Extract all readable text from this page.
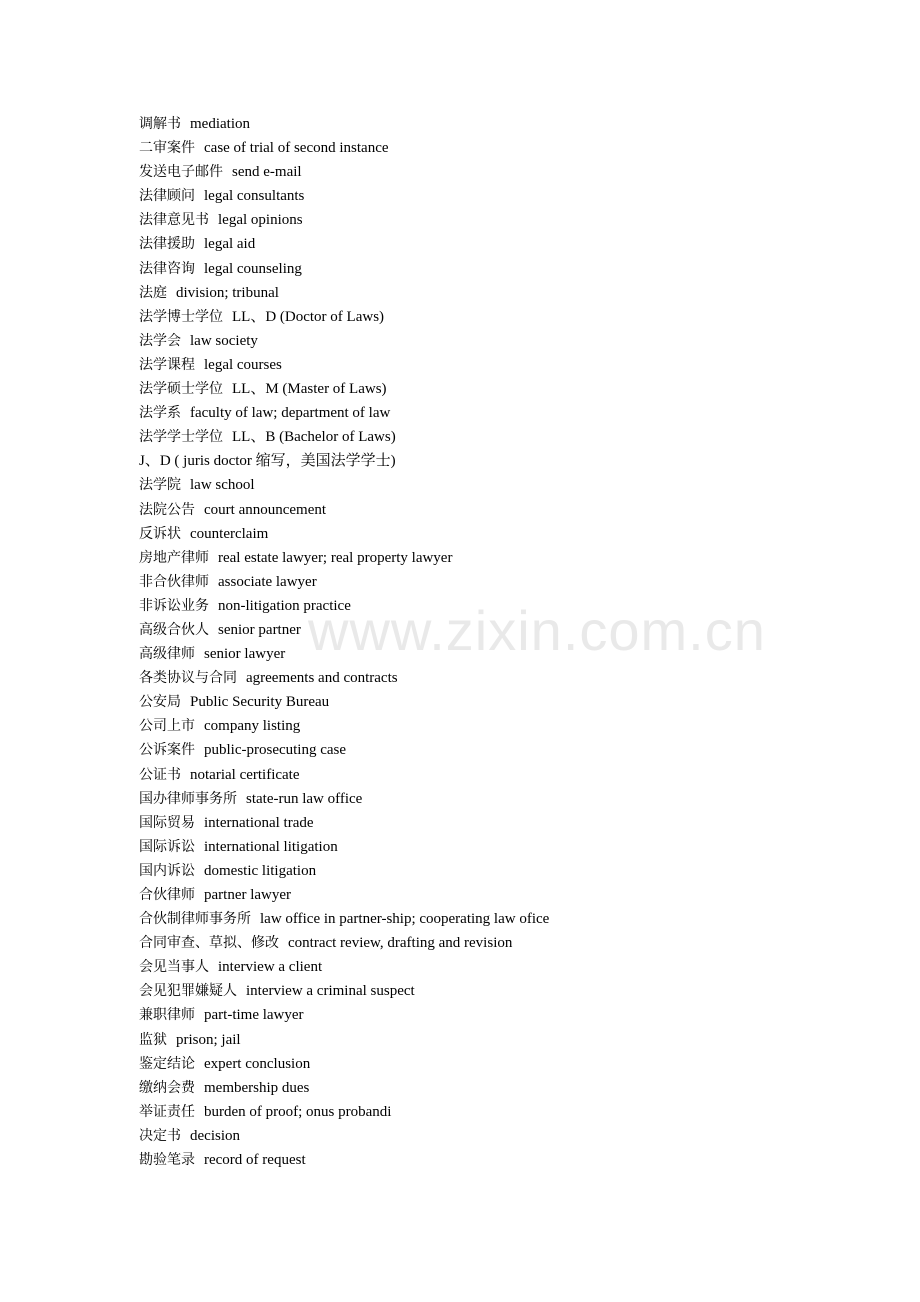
调解书 mediation
二审案件 case of trial of second instance
发送电子邮件 send e-mail
法律顾问 legal consultants
法律意见书 legal opinions
法律援助 legal aid
法律咨询 legal counseling
法庭 division; tribunal
法学博士学位 LL、D (Doctor of Laws)
法学会 law society
法学课程 legal courses
法学硕士学位 LL、M (Master of Laws)
法学系 faculty of law; department of law
法学学士学位 LL、B (Bachelor of Laws)
J、D ( juris doctor 缩写，美国法学学士)
法学院 law school
法院公告 court announcement
反诉状 counterclaim
房地产律师 real estate lawyer; real property lawyer
非合伙律师 associate lawyer
非诉讼业务 non-litigation practice
高级合伙人 senior partner
高级律师 senior lawyer
各类协议与合同 agreements and contracts
公安局 Public Security Bureau
公司上市 company listing
公诉案件 public-prosecuting case
公证书 notarial certificate
国办律师事务所 state-run law office
国际贸易 international trade
国际诉讼 international litigation
国内诉讼 domestic litigation
合伙律师 partner lawyer
合伙制律师事务所 law office in partner-ship; cooperating law ofice
合同审查、草拟、修改 contract review, drafting and revision
会见当事人 interview a client
会见犯罪嫌疑人 interview a criminal suspect
兼职律师 part-time lawyer
监狱 prison; jail
鉴定结论 expert conclusion
缴纳会费 membership dues
举证责任 burden of proof; onus probandi
决定书 decision
勘验笔录 record of request
www.zixin.com.cn
